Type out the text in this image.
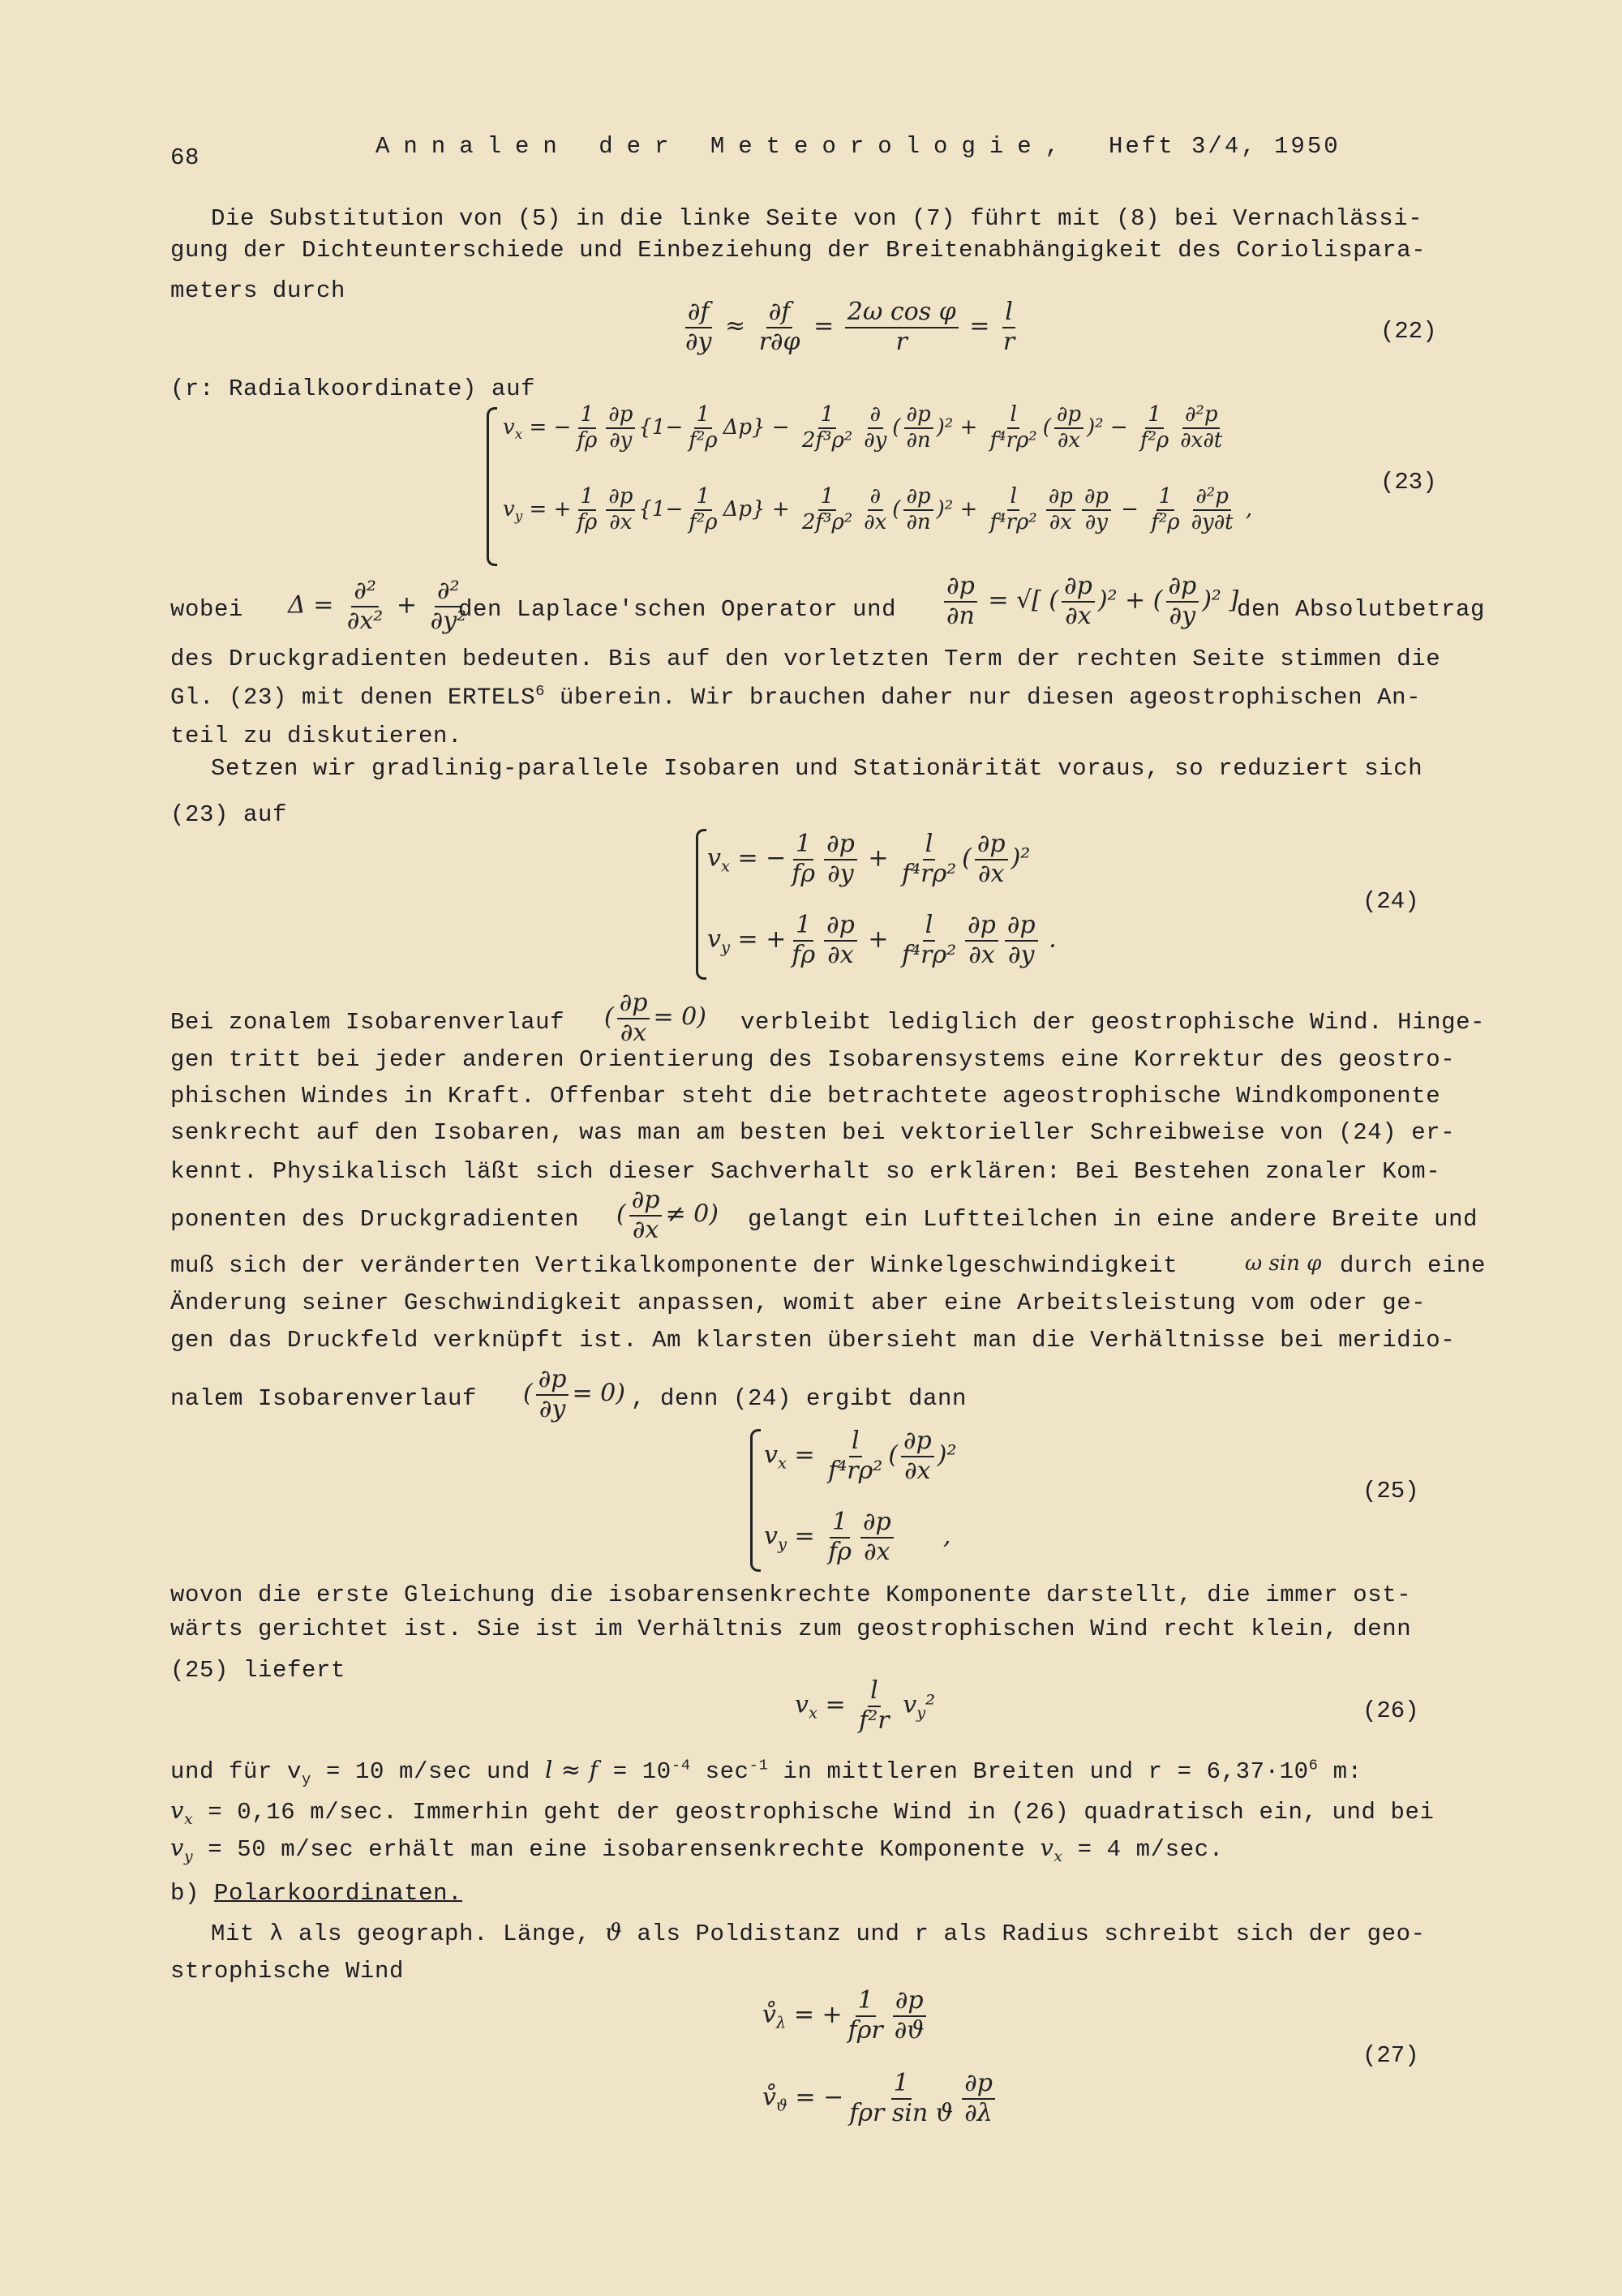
68	Annalen der Meteorologie, Heft 3/4, 1950
Die Substitution von (5) in die linke Seite von (7) führt mit (8) bei Vernachlässi-
gung der Dichteunterschiede und Einbeziehung der Breitenabhängigkeit des Coriolispara-
meters durch
$\frac{\partial f}{\partial y} \approx \frac{\partial f}{r\partial\varphi} = \frac{\text{2ω cos φ}}{r} = \frac{l}{r}$	(22)
(r: Radialkoordinate) auf
$v_x$ = − $\frac{1}{f\rho} \frac{\partial p}{\partial y} \{1- \frac{1}{\text{f²ρ}} \Delta p\} - \frac{1}{\text{2f³ρ²}} \frac{\partial}{\partial y}$ ( $\frac{\partial p}{\partial n} )^2 + \frac{l}{\text{f⁴rρ²}}$ ( $\frac{\partial p}{\partial x} )^2 - \frac{1}{\text{f²ρ}} \frac{\text{∂²p}}{\partial x\partial t}$
$v_y$ = + $\frac{1}{f\rho} \frac{\partial p}{\partial x} \{1- \frac{1}{\text{f²ρ}} \Delta p\} + \frac{1}{\text{2f³ρ²}} \frac{\partial}{\partial x}$ ( $\frac{\partial p}{\partial n} )^2 + \frac{l}{\text{f⁴rρ²}} \frac{\partial p}{\partial x} \frac{\partial p}{\partial y} - \frac{1}{\text{f²ρ}} \frac{\text{∂²p}}{\partial y\partial t}$ ,
(23)
wobei $\Delta = \frac{\text{∂²}}{\text{∂x²}} + \frac{\text{∂²}}{\text{∂y²}}$
den Laplace'schen Operator und $\frac{\partial p}{\partial n}$ = √[ ( $\frac{\partial p}{\partial x} )^2$ + ( $\frac{\partial p}{\partial y} )^2$ ]
den Absolutbetrag
des Druckgradienten bedeuten. Bis auf den vorletzten Term der rechten Seite stimmen die
Gl. (23) mit denen ERTELS$^6$ überein. Wir brauchen daher nur diesen ageostrophischen An-
teil zu diskutieren.
Setzen wir gradlinig-parallele Isobaren und Stationärität voraus, so reduziert sich
(23) auf
$v_x$ = − $\frac{1}{f\rho} \frac{\partial p}{\partial y} + \frac{l}{\text{f⁴rρ²}}$ ( $\frac{\partial p}{\partial x} )^2$
$v_y$ = + $\frac{1}{f\rho} \frac{\partial p}{\partial x} + \frac{l}{\text{f⁴rρ²}} \frac{\partial p}{\partial x} \frac{\partial p}{\partial y}$ .
(24)
Bei zonalem Isobarenverlauf ( $\frac{\partial p}{\partial x} = 0$) verbleibt lediglich der geostrophische Wind. Hinge-
gen tritt bei jeder anderen Orientierung des Isobarensystems eine Korrektur des geostro-
phischen Windes in Kraft. Offenbar steht die betrachtete ageostrophische Windkomponente
senkrecht auf den Isobaren, was man am besten bei vektorieller Schreibweise von (24) er-
kennt. Physikalisch läßt sich dieser Sachverhalt so erklären: Bei Bestehen zonaler Kom-
ponenten des Druckgradienten ( $\frac{\partial p}{\partial x} \ne 0$) gelangt ein Luftteilchen in eine andere Breite und
muß sich der veränderten Vertikalkomponente der Winkelgeschwindigkeit	ω sin φ durch eine
Änderung seiner Geschwindigkeit anpassen, womit aber eine Arbeitsleistung vom oder ge-
gen das Druckfeld verknüpft ist. Am klarsten übersieht man die Verhältnisse bei meridio-
nalem Isobarenverlauf ( $\frac{\partial p}{\partial y} = 0$) , denn (24) ergibt dann
$v_x = \frac{l}{\text{f⁴rρ²}}$ ( $\frac{\partial p}{\partial x} )^2$
$v_y = \frac{1}{f\rho} \frac{\partial p}{\partial x}$ ,
(25)
wovon die erste Gleichung die isobarensenkrechte Komponente darstellt, die immer ost-
wärts gerichtet ist. Sie ist im Verhältnis zum geostrophischen Wind recht klein, denn
(25) liefert
$v_x = \frac{l}{\text{f²r}} v_y^2$	(26)
und für $v_y = 10$ m/sec und $l \approx f = 10^{-4}$ $\sec^{-1}$ in mittleren Breiten und $r = 6,37\cdot 10^6$ m:
$v_x = 0,16$ m/sec. Immerhin geht der geostrophische Wind in (26) quadratisch ein, und bei
$v_y = 50$ m/sec erhält man eine isobarensenkrechte Komponente $v_x = 4$ m/sec.
b) Polarkoordinaten.
Mit λ als geograph. Länge, ϑ als Poldistanz und r als Radius schreibt sich der geo-
strophische Wind
$v̊_\lambda$ = + $\frac{1}{\text{fρr}} \frac{\partial p}{\partial ϑ}$
$v̊_ϑ$ = − $\frac{1}{\text{fρr sin ϑ}} \frac{\partial p}{\partial\lambda}$
(27)
